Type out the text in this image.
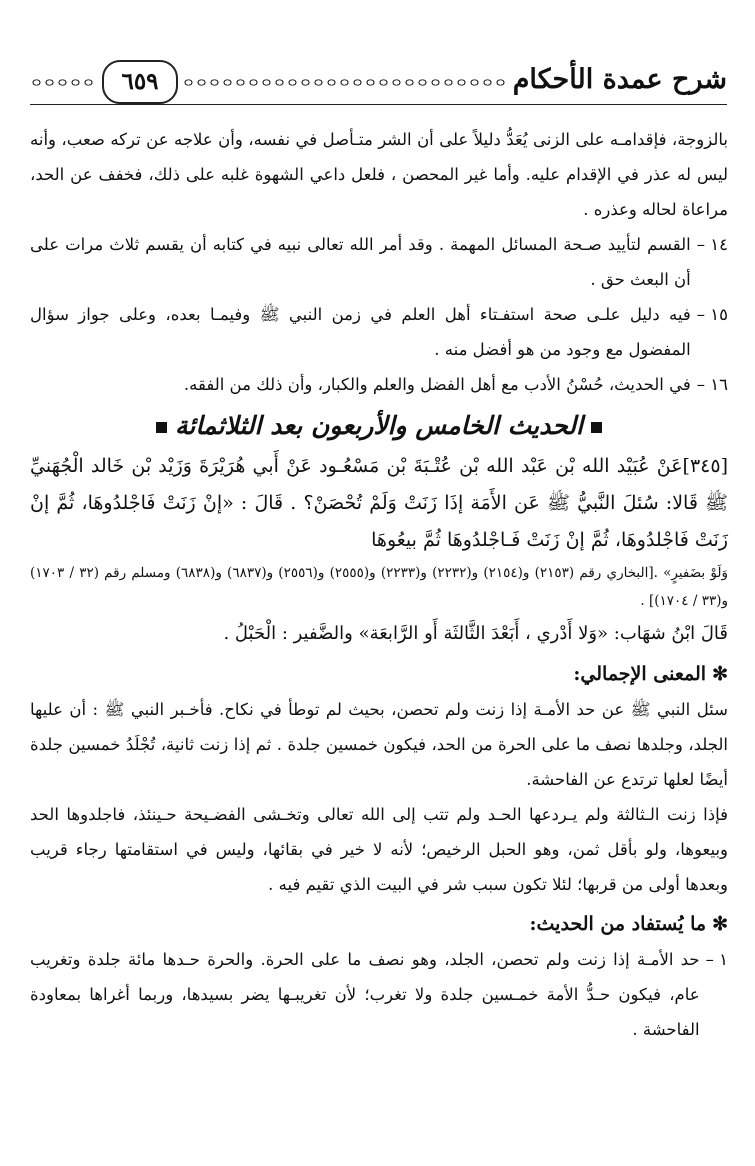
شرح عمدة الأحكام
٦٥٩
بالزوجة، فإقدامـه على الزنى يُعَدُّ دليلاً على أن الشر متـأصل في نفسه، وأن علاجه عن تركه صعب، وأنه ليس له عذر في الإقدام عليه. وأما غير المحصن ، فلعل داعي الشهوة غلبه على ذلك، فخفف عن الحد، مراعاة لحاله وعذره .
١٤ –
القسم لتأييد صـحة المسائل المهمة . وقد أمر الله تعالى نبيه في كتابه أن يقسم ثلاث مرات على أن البعث حق .
١٥ –
فيه دليل علـى صحة استفـتاء أهل العلم في زمن النبي ﷺ وفيمـا بعده، وعلى جواز سؤال المفضول مع وجود من هو أفضل منه .
١٦ –
في الحديث، حُسْنُ الأدب مع أهل الفضل والعلم والكبار، وأن ذلك من الفقه.
الحديث الخامس والأربعون بعد الثلاثمائة
[٣٤٥]عَنْ عُبَيْد الله بْن عَبْد الله بْن عُتْـبَةَ بْن مَسْعُـود عَنْ أَبي هُرَيْرَةَ وَزَيْد بْن خَالد الْجُهَنيِّ ﷺ قَالا: سُئلَ النَّبيُّ ﷺ عَن الأَمَة إذَا زَنَتْ وَلَمْ تُحْصَنْ؟ . قَالَ : «إنْ زَنَتْ فَاجْلدُوهَا، ثُمَّ إنْ زَنَتْ فَاجْلدُوهَا، ثُمَّ إنْ زَنَتْ فَـاجْلدُوهَا ثُمَّ بيعُوهَا
وَلَوْ بضَفيرٍ» .[البخاري رقم (٢١٥٣) و(٢١٥٤) و(٢٢٣٢) و(٢٢٣٣) و(٢٥٥٥) و(٢٥٥٦) و(٦٨٣٧) و(٦٨٣٨) ومسلم رقم (٣٢ / ١٧٠٣) و(٣٣ / ١٧٠٤)] .
قَالَ ابْنُ شهَاب: «وَلا أَدْري ، أَبَعْدَ الثَّالثَة أَو الرَّابعَة» والضَّفير : الْحَبْلُ .
✻المعنى الإجمالي:
سئل النبي ﷺ عن حد الأمـة إذا زنت ولم تحصن، بحيث لم توطأ في نكاح. فأخـبر النبي ﷺ : أن عليها الجلد، وجلدها نصف ما على الحرة من الحد، فيكون خمسين جلدة . ثم إذا زنت ثانية، تُجْلَدُ خمسين جلدة أيضًا لعلها ترتدع عن الفاحشة.
فإذا زنت الـثالثة ولم يـردعها الحـد ولم تتب إلى الله تعالى وتخـشى الفضـيحة حـينئذ، فاجلدوها الحد وبيعوها، ولو بأقل ثمن، وهو الحبل الرخيص؛ لأنه لا خير في بقائها، وليس في استقامتها رجاء قريب وبعدها أولى من قربها؛ لئلا تكون سبب شر في البيت الذي تقيم فيه .
✻ما يُستفاد من الحديث:
١ –
حد الأمـة إذا زنت ولم تحصن، الجلد، وهو نصف ما على الحرة. والحرة حـدها مائة جلدة وتغريب عام، فيكون حـدُّ الأمة خمـسين جلدة ولا تغرب؛ لأن تغريبـها يضر بسيدها، وربما أغراها بمعاودة الفاحشة .
